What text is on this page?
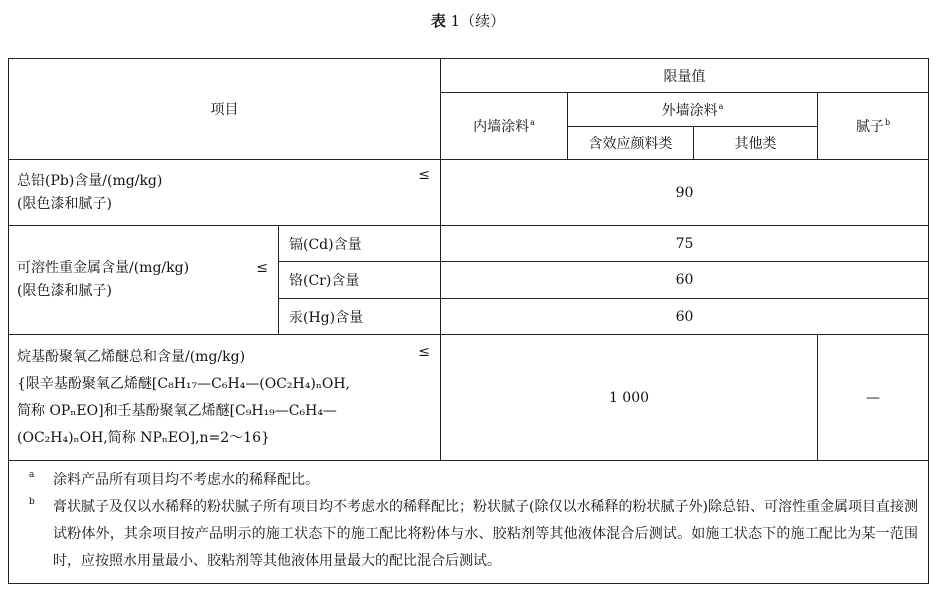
表 1（续）
项目		限量值			
		内墙涂料$^a$	外墙涂料$^a$		腻子$^b$
			含效应颜料类	其他类	

总铅(Pb)含量/(mg/kg)
(限色漆和腻子)
≤		90			

可溶性重金属含量/(mg/kg) ≤
(限色漆和腻子)	镉(Cd)含量	75			
	铬(Cr)含量	60			
	汞(Hg)含量	60			

烷基酚聚氧乙烯醚总和含量/(mg/kg)
{限辛基酚聚氧乙烯醚[C₈H₁₇—C₆H₄—(OC₂H₄)ₙOH,
简称 OPₙEO]和壬基酚聚氧乙烯醚[C₉H₁₉—C₆H₄—
(OC₂H₄)ₙOH,简称 NPₙEO],n=2～16}
≤		1 000			—

a 涂料产品所有项目均不考虑水的稀释配比。
b 膏状腻子及仅以水稀释的粉状腻子所有项目均不考虑水的稀释配比；粉状腻子(除仅以水稀释的粉状腻子外)除总铅、可溶性重金属项目直接测试粉体外，其余项目按产品明示的施工状态下的施工配比将粉体与水、胶粘剂等其他液体混合后测试。如施工状态下的施工配比为某一范围时，应按照水用量最小、胶粘剂等其他液体用量最大的配比混合后测试。					
